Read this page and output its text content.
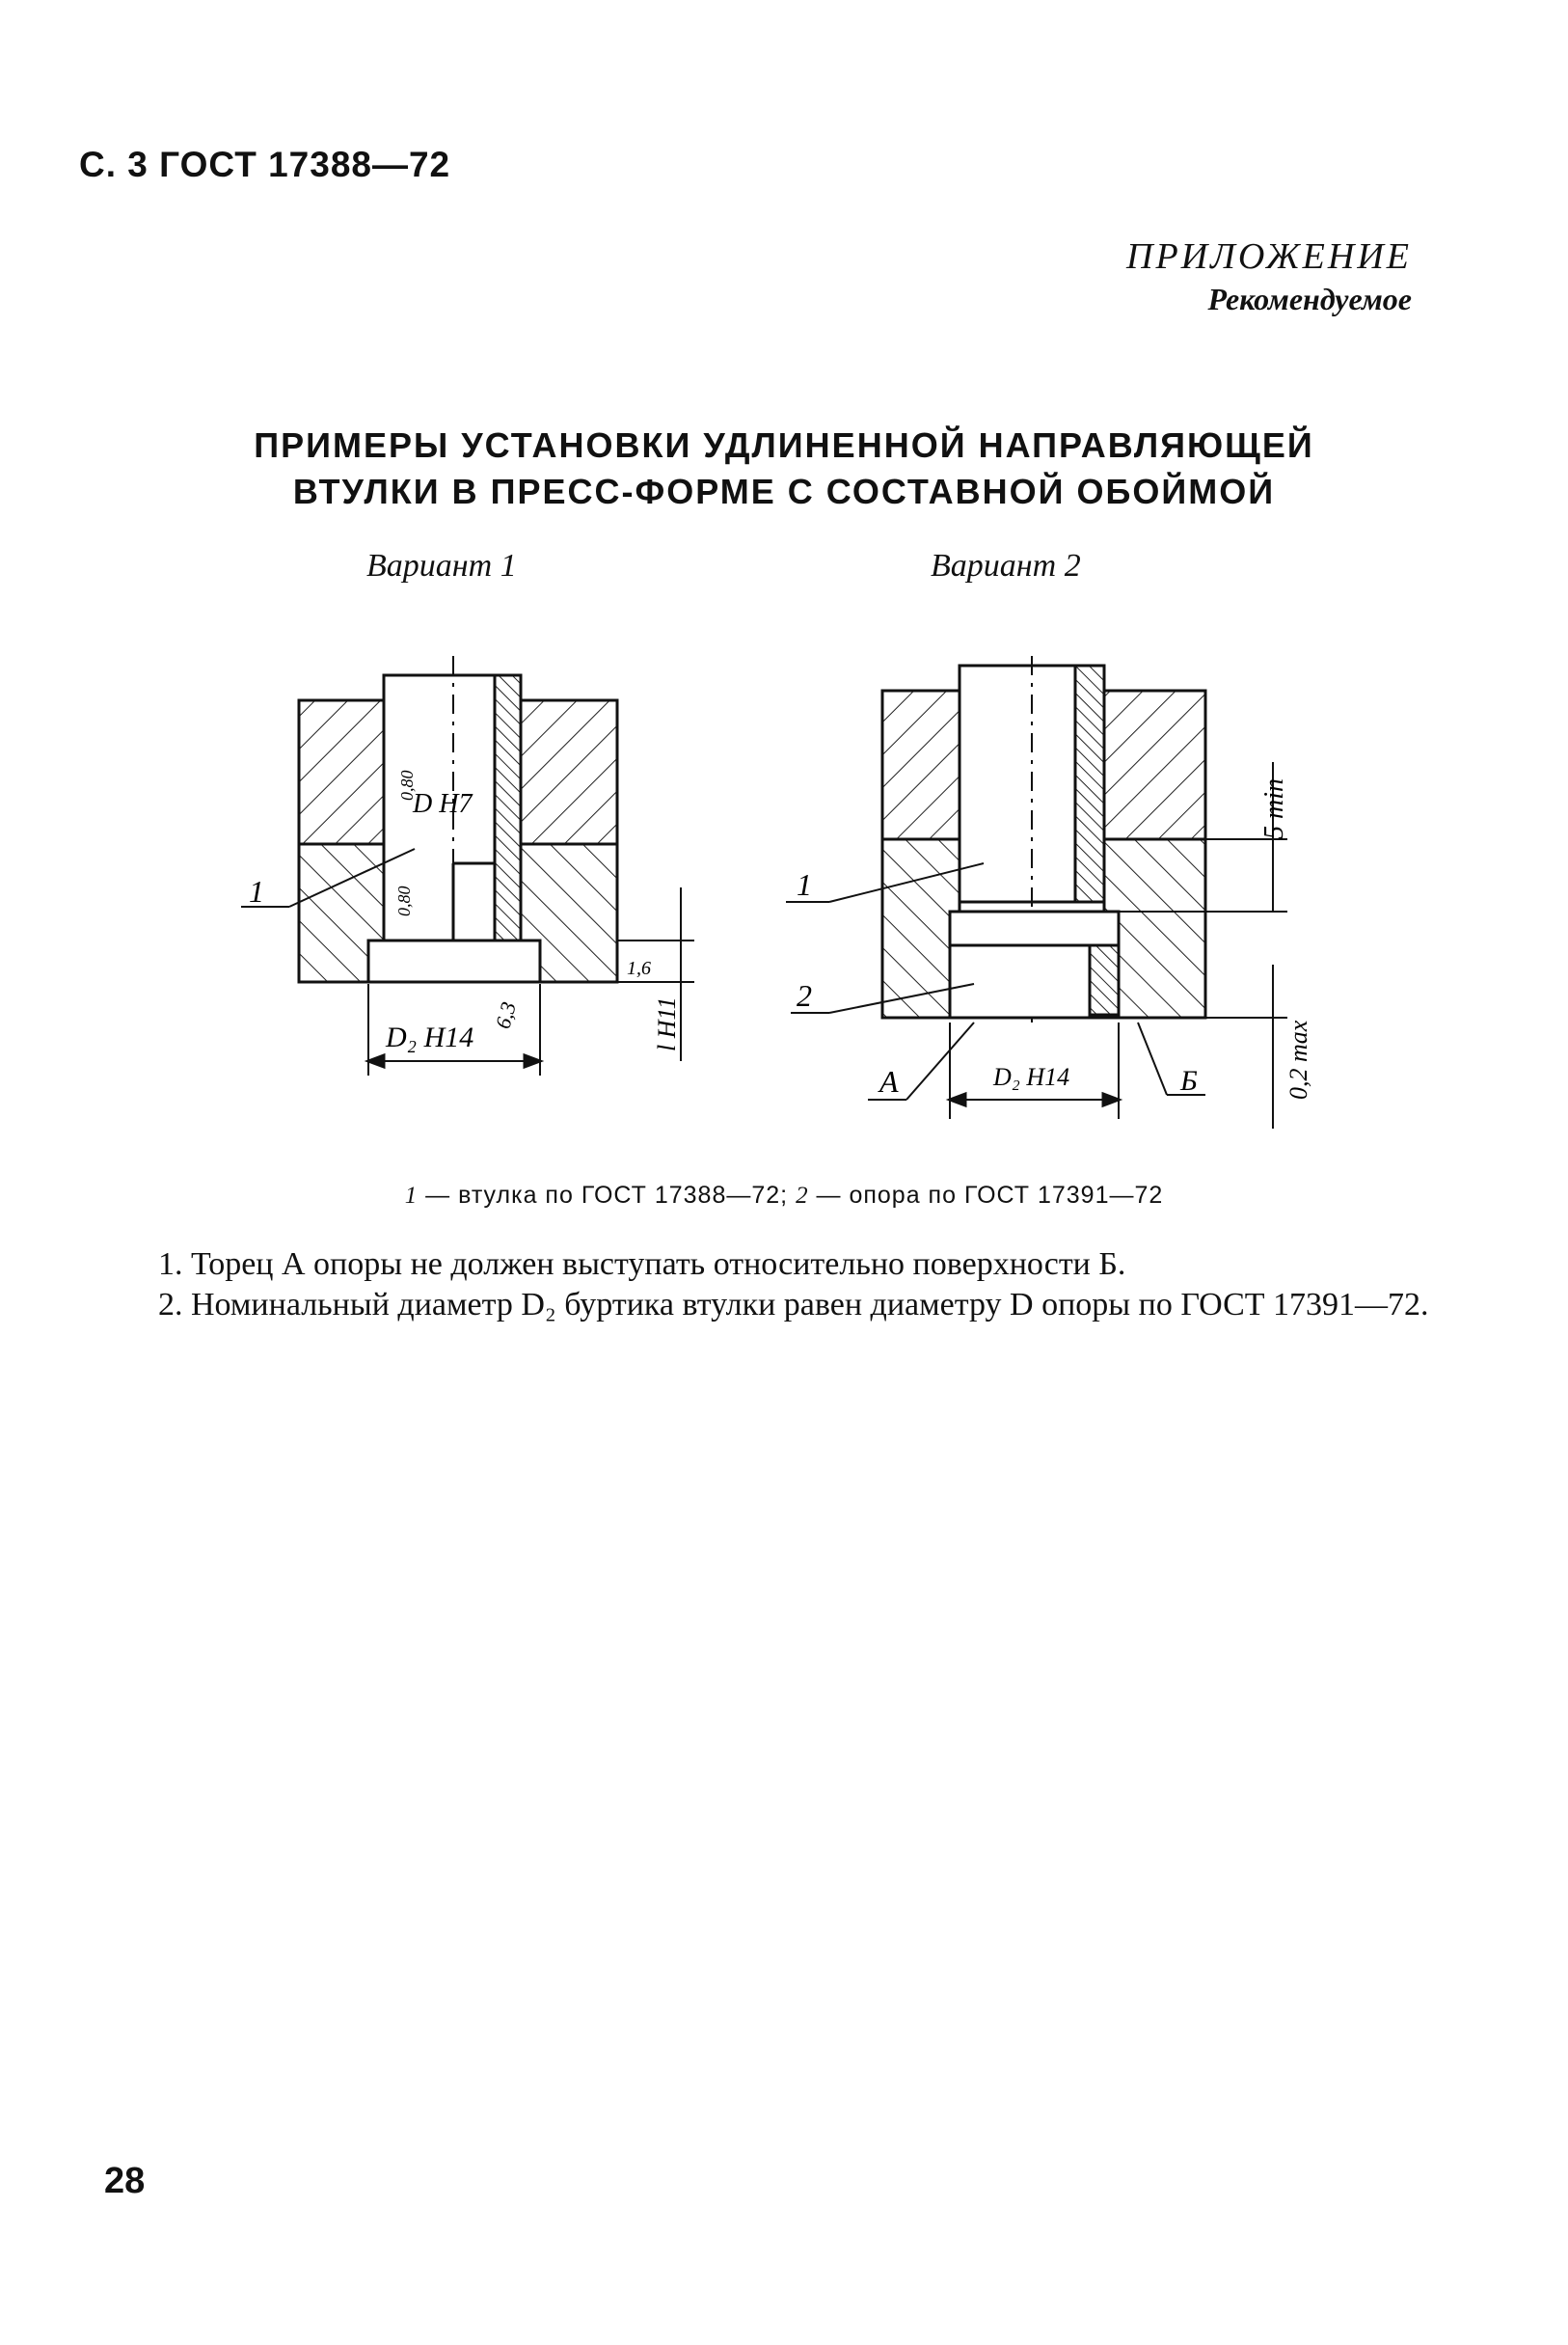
С. 3 ГОСТ 17388—72
ПРИЛОЖЕНИЕ
Рекомендуемое
ПРИМЕРЫ УСТАНОВКИ УДЛИНЕННОЙ НАПРАВЛЯЮЩЕЙ
ВТУЛКИ В ПРЕСС-ФОРМЕ С СОСТАВНОЙ ОБОЙМОЙ
Вариант 1	Вариант 2
0,80
D H7
0,80
1
1,6
D₂ H14
6,3	l H11
5 min
1
2
А	D₂ H14	Б	0,2 max
1 — втулка по ГОСТ 17388—72; 2 — опора по ГОСТ 17391—72

1. Торец А опоры не должен выступать относительно поверхности Б.

2. Номинальный диаметр D₂ буртика втулки равен диаметру D опоры по ГОСТ 17391—72.

28
